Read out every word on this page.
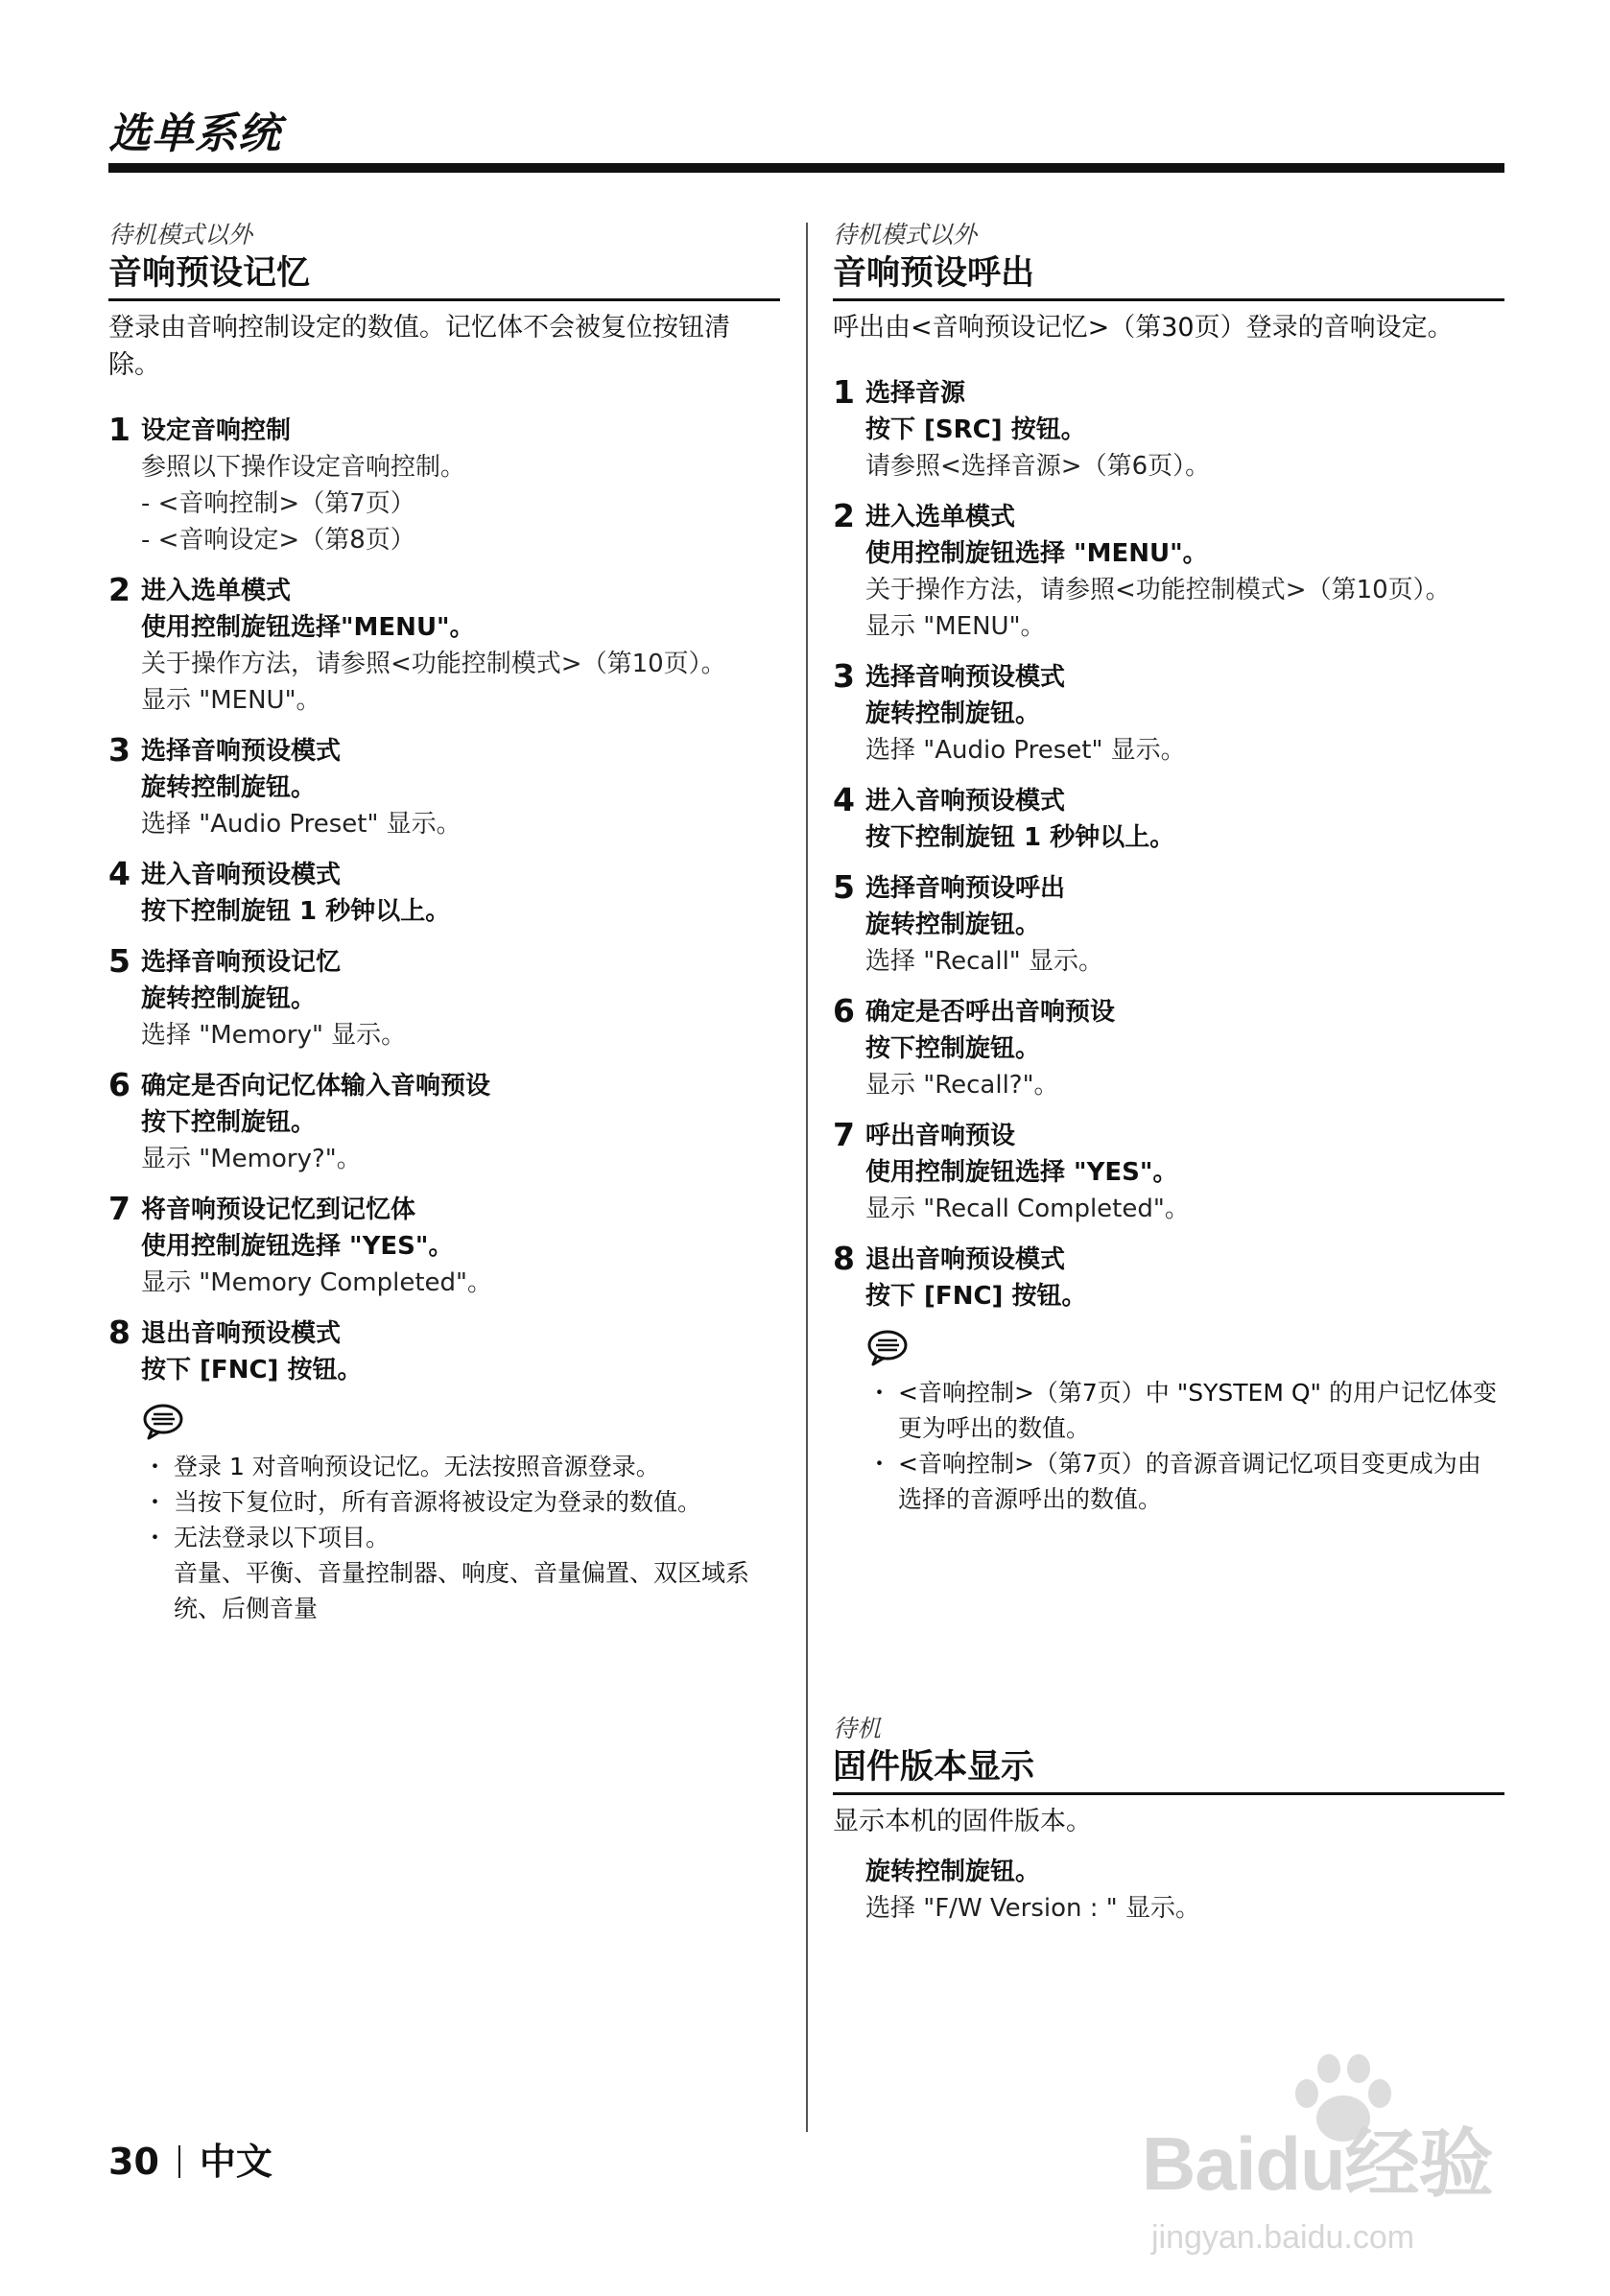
选单系统
待机模式以外
音响预设记忆
登录由音响控制设定的数值。记忆体不会被复位按钮清除。
1 设定音响控制
参照以下操作设定音响控制。
- <音响控制>（第7页）
- <音响设定>（第8页）
2 进入选单模式
使用控制旋钮选择"MENU"。
关于操作方法，请参照<功能控制模式>（第10页）。
显示 "MENU"。
3 选择音响预设模式
旋转控制旋钮。
选择 "Audio Preset" 显示。
4 进入音响预设模式
按下控制旋钮 1 秒钟以上。
5 选择音响预设记忆
旋转控制旋钮。
选择 "Memory" 显示。
6 确定是否向记忆体输入音响预设
按下控制旋钮。
显示 "Memory?"。
7 将音响预设记忆到记忆体
使用控制旋钮选择 "YES"。
显示 "Memory Completed"。
8 退出音响预设模式
按下 [FNC] 按钮。
・ 登录 1 对音响预设记忆。无法按照音源登录。
・ 当按下复位时，所有音源将被设定为登录的数值。
・ 无法登录以下项目。
音量、平衡、音量控制器、响度、音量偏置、双区域系统、后侧音量
待机模式以外
音响预设呼出
呼出由<音响预设记忆>（第30页）登录的音响设定。
1 选择音源
按下 [SRC] 按钮。
请参照<选择音源>（第6页）。
2 进入选单模式
使用控制旋钮选择 "MENU"。
关于操作方法，请参照<功能控制模式>（第10页）。
显示 "MENU"。
3 选择音响预设模式
旋转控制旋钮。
选择 "Audio Preset" 显示。
4 进入音响预设模式
按下控制旋钮 1 秒钟以上。
5 选择音响预设呼出
旋转控制旋钮。
选择 "Recall" 显示。
6 确定是否呼出音响预设
按下控制旋钮。
显示 "Recall?"。
7 呼出音响预设
使用控制旋钮选择 "YES"。
显示 "Recall Completed"。
8 退出音响预设模式
按下 [FNC] 按钮。
・ <音响控制>（第7页）中 "SYSTEM Q" 的用户记忆体变更为呼出的数值。
・ <音响控制>（第7页）的音源音调记忆项目变更成为由选择的音源呼出的数值。
待机
固件版本显示
显示本机的固件版本。
旋转控制旋钮。
选择 "F/W Version : " 显示。
30 中文	Baidu经验
jingyan.baidu.com
